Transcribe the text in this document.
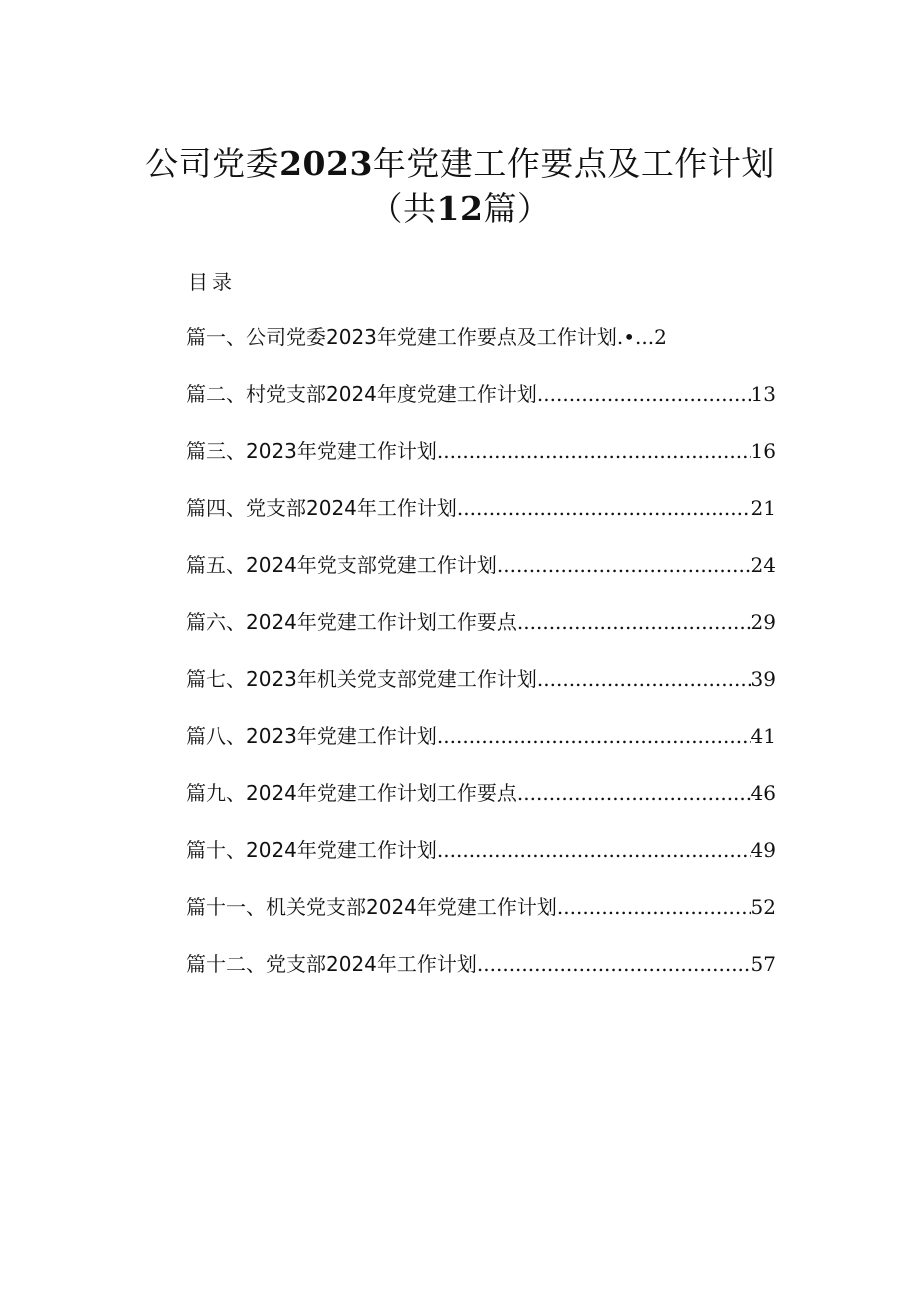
公司党委2023年党建工作要点及工作计划
（共12篇）
目录
篇一、公司党委2023年党建工作要点及工作计划 .•... 2
篇二、村党支部2024年度党建工作计划 .....	13
篇三、2023年党建工作计划 .....	16
篇四、党支部2024年工作计划 .....	21
篇五、2024年党支部党建工作计划 .....	24
篇六、2024年党建工作计划工作要点 .....	29
篇七、2023年机关党支部党建工作计划 .....	39
篇八、2023年党建工作计划 .....	41
篇九、2024年党建工作计划工作要点 .....	46
篇十、2024年党建工作计划 .....	49
篇十一、机关党支部2024年党建工作计划 .....	52
篇十二、党支部2024年工作计划 .....	57
